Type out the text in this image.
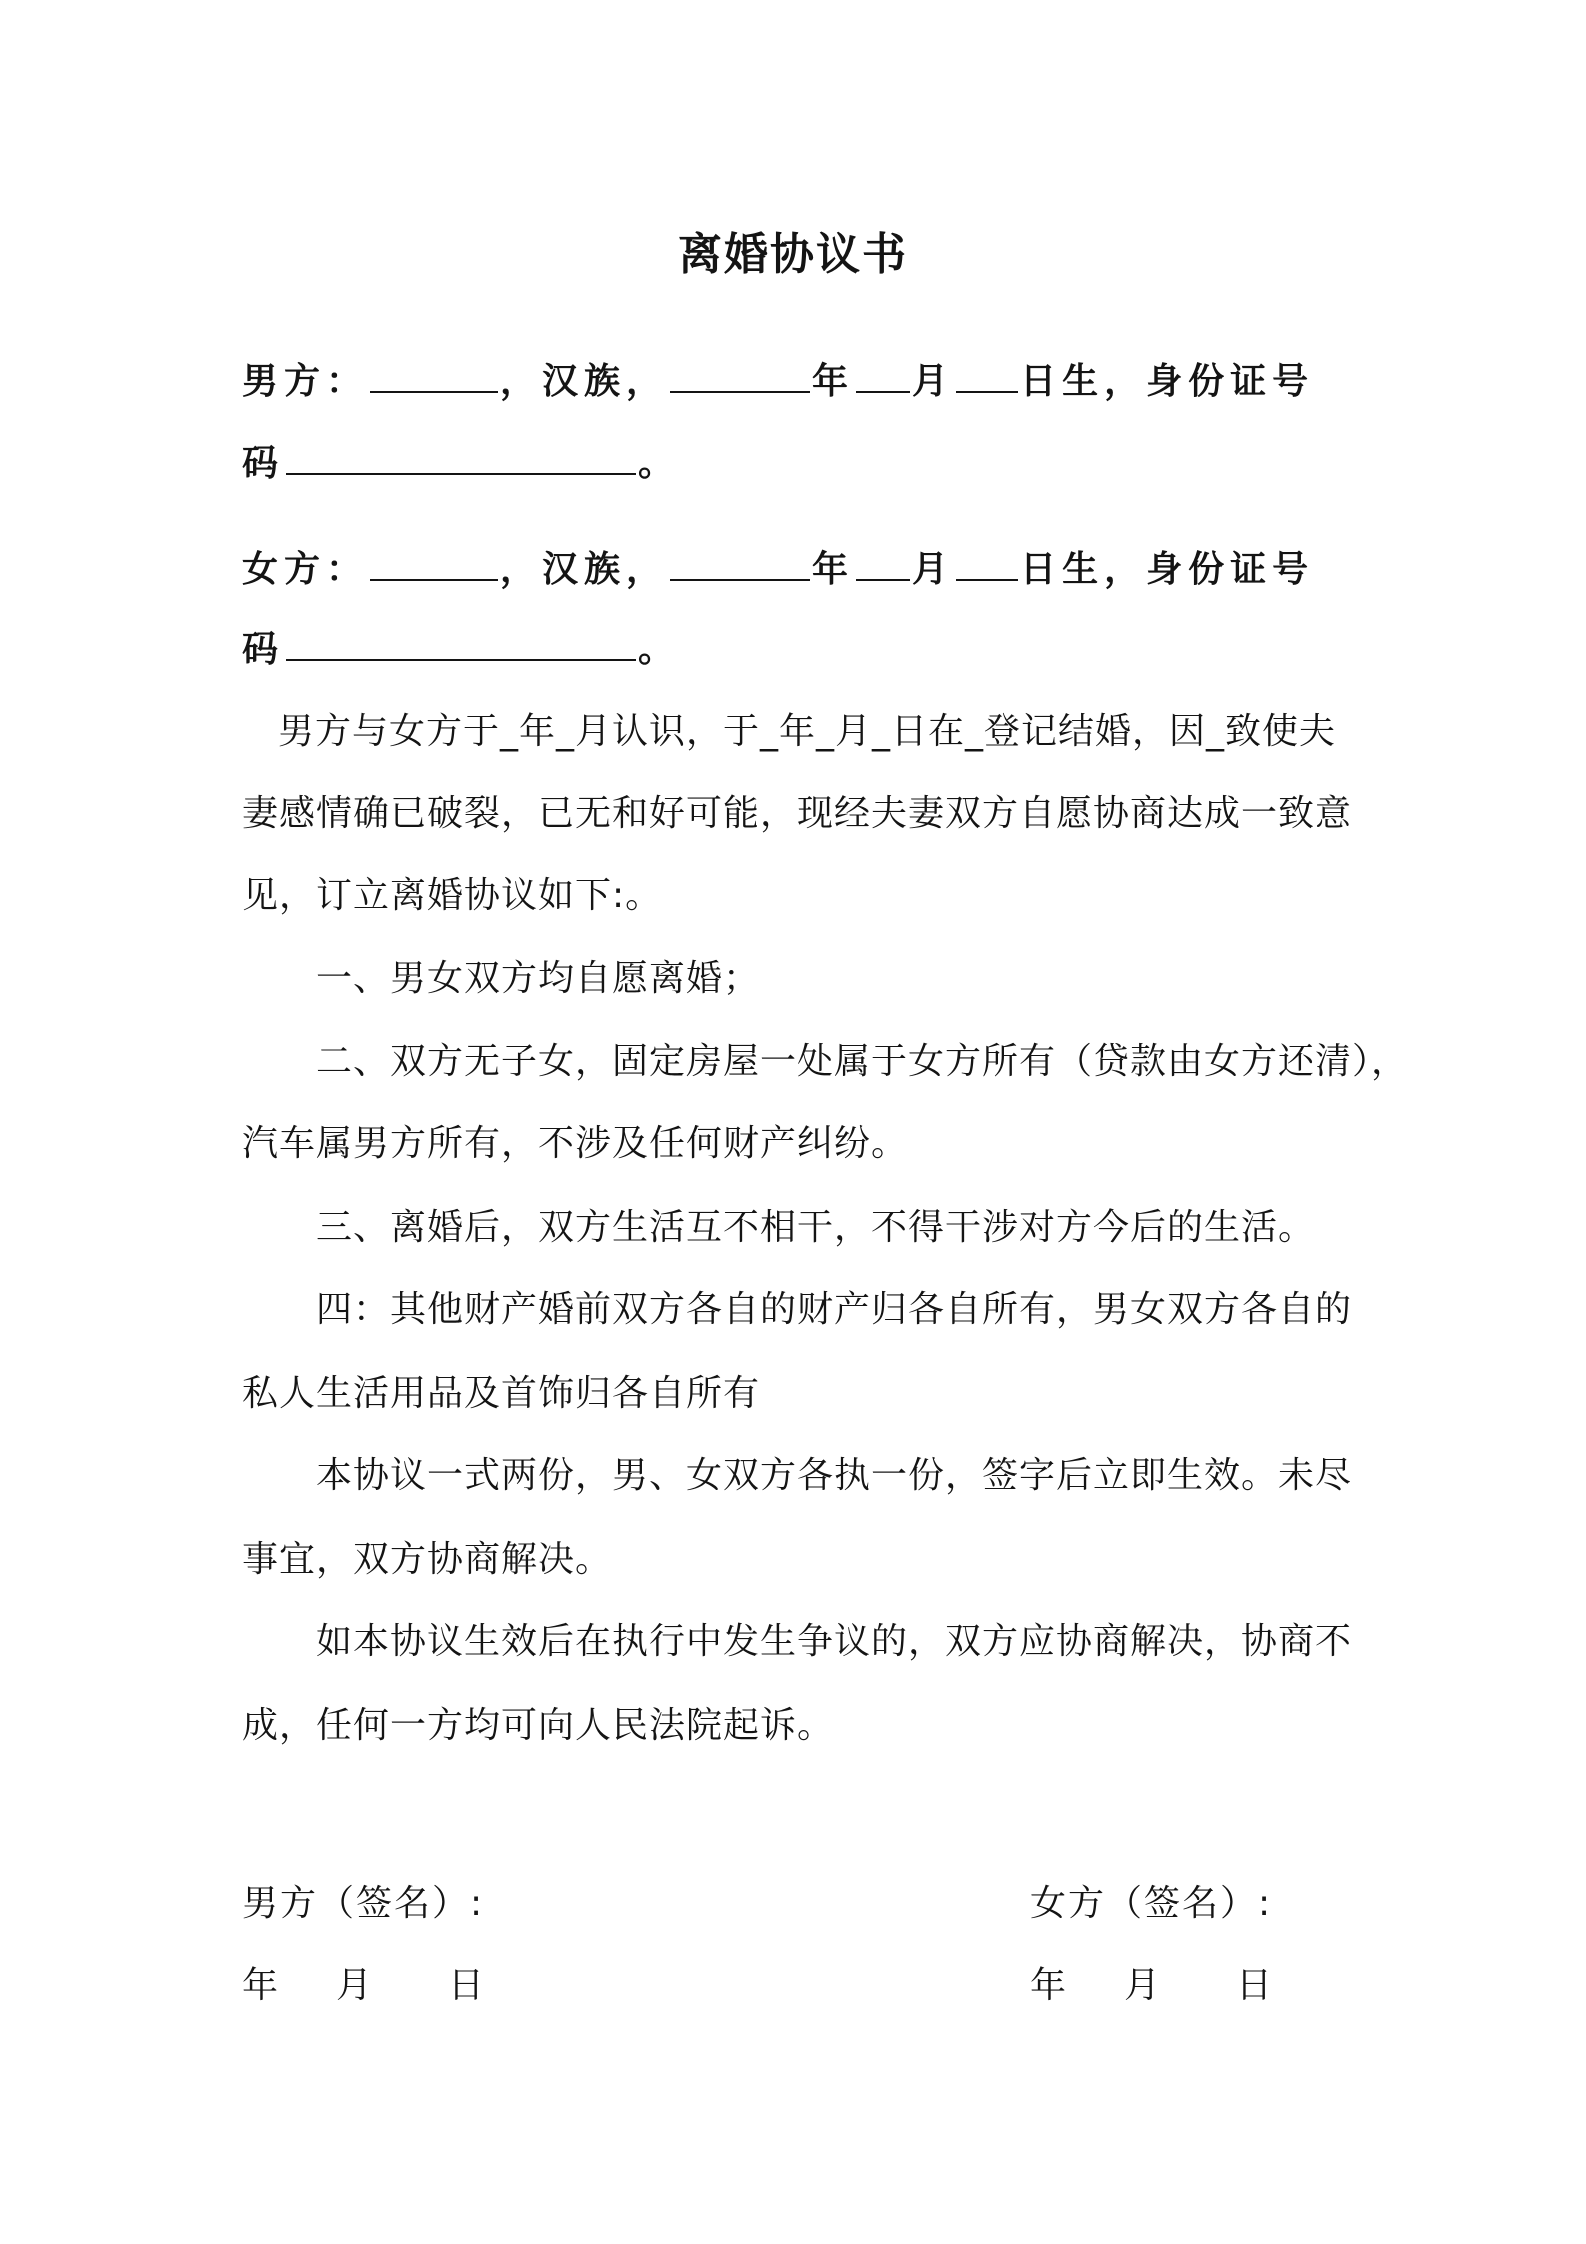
离婚协议书
男方：	，汉族，	年 月 日生，身份证号
码	。
女方：	，汉族，	年 月 日生，身份证号
码	。
男方与女方于_年_月认识，于_年_月_日在_登记结婚，因_致使夫
妻感情确已破裂，已无和好可能，现经夫妻双方自愿协商达成一致意
见，订立离婚协议如下:。
一、男女双方均自愿离婚；
二、双方无子女，固定房屋一处属于女方所有（贷款由女方还清），
汽车属男方所有，不涉及任何财产纠纷。
三、离婚后，双方生活互不相干，不得干涉对方今后的生活。
四：其他财产婚前双方各自的财产归各自所有，男女双方各自的
私人生活用品及首饰归各自所有
本协议一式两份，男、女双方各执一份，签字后立即生效。未尽
事宜，双方协商解决。
如本协议生效后在执行中发生争议的，双方应协商解决，协商不
成，任何一方均可向人民法院起诉。
男方（签名）:	女方（签名）:
年 月 日	年 月 日
